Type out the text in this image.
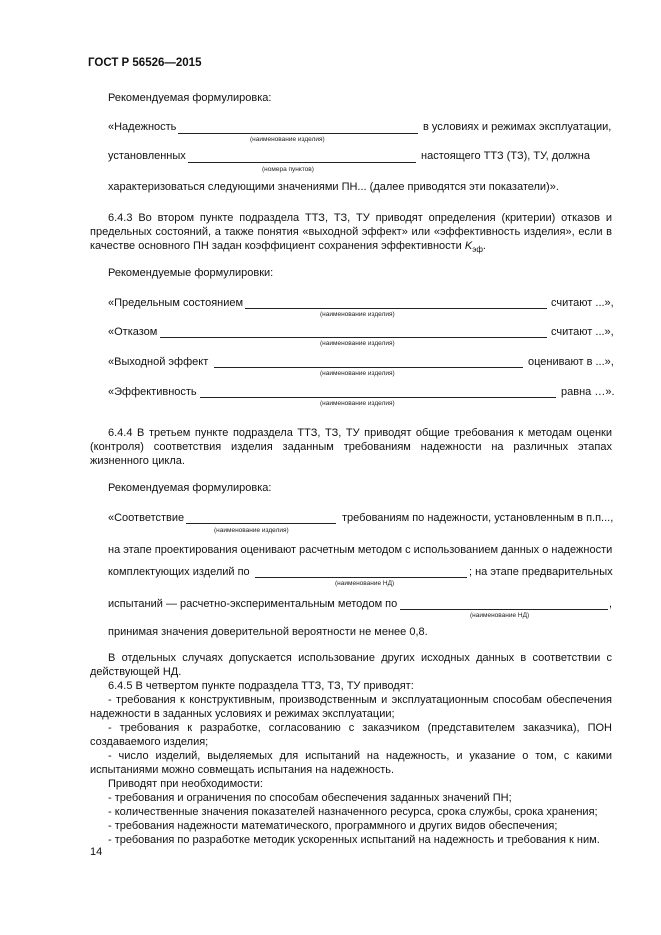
ГОСТ Р 56526—2015
Рекомендуемая формулировка:
«Надежность	в условиях и режимах эксплуатации,
(наименование изделия)
установленных	настоящего ТТЗ (ТЗ), ТУ, должна
(номера пунктов)
характеризоваться следующими значениями ПН... (далее приводятся эти показатели)».
6.4.3 Во втором пункте подраздела ТТЗ, ТЗ, ТУ приводят определения (критерии) отказов и предельных состояний, а также понятия «выходной эффект» или «эффективность изделия», если в качестве основного ПН задан коэффициент сохранения эффективности $K_{эф}$.
Рекомендуемые формулировки:
«Предельным состоянием	считают ...»,
(наименование изделия)
«Отказом	считают ...»,
(наименование изделия)
«Выходной эффект	оценивают в ...»,
(наименование изделия)
«Эффективность	равна …».
(наименование изделия)
6.4.4 В третьем пункте подраздела ТТЗ, ТЗ, ТУ приводят общие требования к методам оценки (контроля) соответствия изделия заданным требованиям надежности на различных этапах жизненного цикла.
Рекомендуемая формулировка:
«Соответствие	требованиям по надежности, установленным в п.п...,
(наименование изделия)
на этапе проектирования оценивают расчетным методом с использованием данных о надежности
комплектующих изделий по	; на этапе предварительных
(наименование НД)
испытаний — расчетно-экспериментальным методом по	,
(наименование НД)
принимая значения доверительной вероятности не менее 0,8.
В отдельных случаях допускается использование других исходных данных в соответствии с действующей НД.
6.4.5 В четвертом пункте подраздела ТТЗ, ТЗ, ТУ приводят:
- требования к конструктивным, производственным и эксплуатационным способам обеспечения надежности в заданных условиях и режимах эксплуатации;
- требования к разработке, согласованию с заказчиком (представителем заказчика), ПОН создаваемого изделия;
- число изделий, выделяемых для испытаний на надежность, и указание о том, с какими испытаниями можно совмещать испытания на надежность.
Приводят при необходимости:
- требования и ограничения по способам обеспечения заданных значений ПН;
- количественные значения показателей назначенного ресурса, срока службы, срока хранения;
- требования надежности математического, программного и других видов обеспечения;
- требования по разработке методик ускоренных испытаний на надежность и требования к ним.
14
